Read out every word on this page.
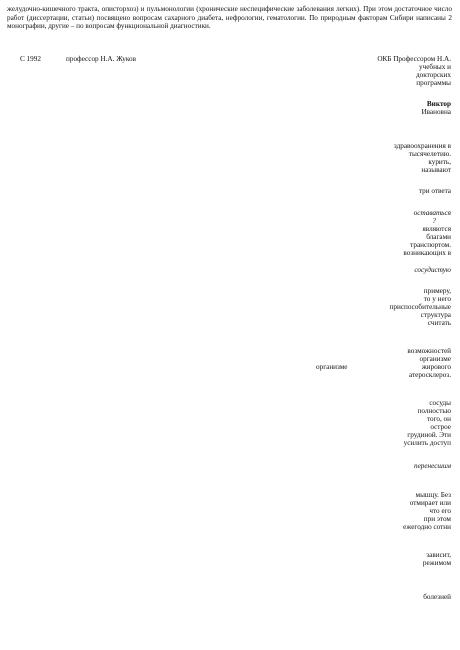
желудочно-кишечного тракта, описторхоз) и пульмонологии (хронические неспецифические заболевания легких). При этом достаточное число работ (диссертации, статьи) посвящено вопросам сахарного диабета, нефрологии, гематологии. По природным факторам Сибири написаны 2 монографии, другие – по вопросам функциональной диагностики.
С 1992	профессор Н.А. Жуков	ОКБ Профессором Н.А.
учебных и
докторских
программы
Виктор
Ивановна
здравоохранения в
тысячелетию.
курить,
называют
три ответа
оставаться
?
являются
благами
транспортом.
возникающих в
сосудистую
примеру,
то у него
приспособительные
структура
считать
возможностей
организме
организме	жирового
атеросклероз.
сосуды
полностью
того, он
острое
грудиной. Эти
усилить доступ
перенесшим
мышцу. Без
отмирает или
что его
при этом
ежегодно сотни
зависит,
режимом
болезней
